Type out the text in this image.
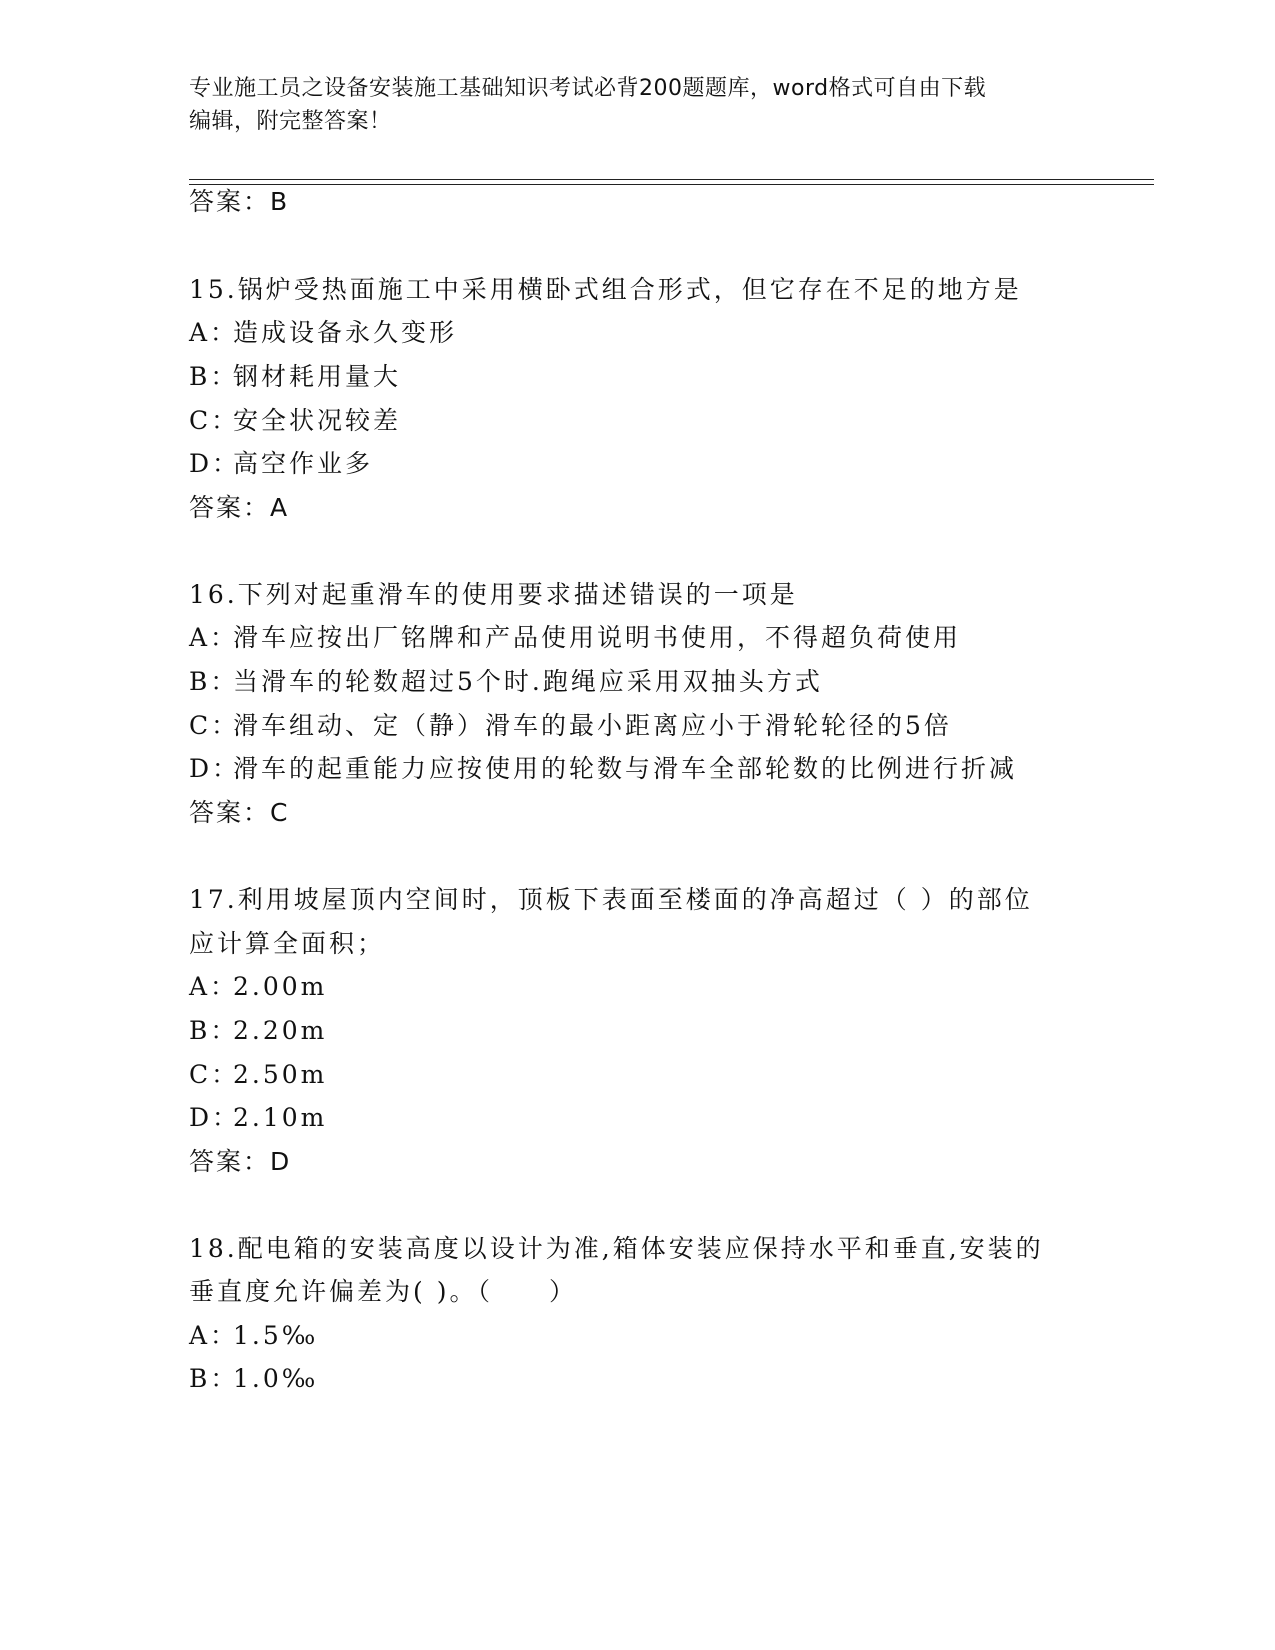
专业施工员之设备安装施工基础知识考试必背200题题库，word格式可自由下载
编辑，附完整答案！
答案：B
15.锅炉受热面施工中采用横卧式组合形式，但它存在不足的地方是
A：造成设备永久变形
B：钢材耗用量大
C：安全状况较差
D：高空作业多
答案：A
16.下列对起重滑车的使用要求描述错误的一项是
A：滑车应按出厂铭牌和产品使用说明书使用，不得超负荷使用
B：当滑车的轮数超过5个时.跑绳应采用双抽头方式
C：滑车组动、定（静）滑车的最小距离应小于滑轮轮径的5倍
D：滑车的起重能力应按使用的轮数与滑车全部轮数的比例进行折减
答案：C
17.利用坡屋顶内空间时，顶板下表面至楼面的净高超过（ ）的部位
应计算全面积；
A：2.00m
B：2.20m
C：2.50m
D：2.10m
答案：D
18.配电箱的安装高度以设计为准,箱体安装应保持水平和垂直,安装的
垂直度允许偏差为( )。（　　）
A：1.5‰
B：1.0‰
